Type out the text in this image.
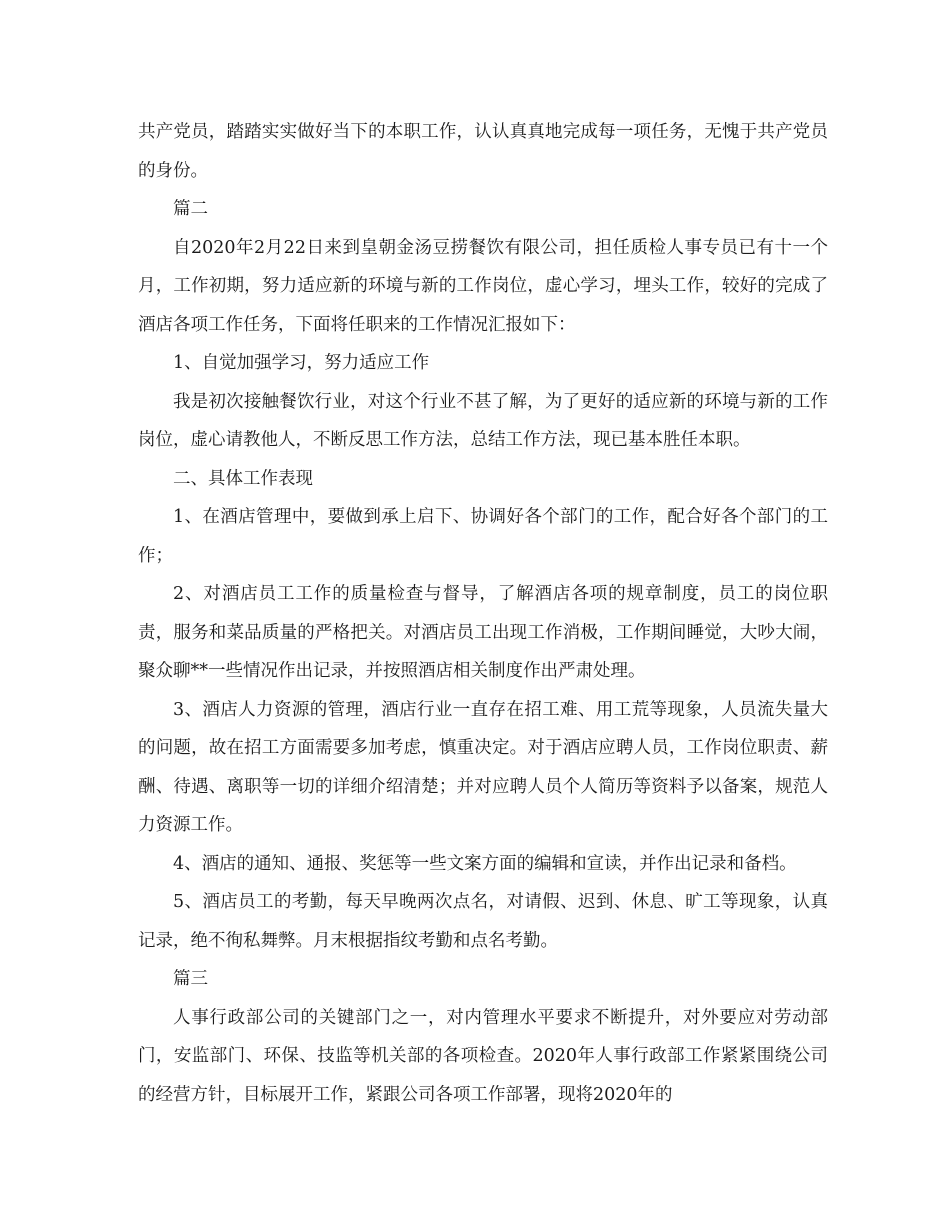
共产党员，踏踏实实做好当下的本职工作，认认真真地完成每一项任务，无愧于共产党员的身份。

篇二

自2020年2月22日来到皇朝金汤豆捞餐饮有限公司，担任质检人事专员已有十一个月，工作初期，努力适应新的环境与新的工作岗位，虚心学习，埋头工作，较好的完成了酒店各项工作任务，下面将任职来的工作情况汇报如下：

1、自觉加强学习，努力适应工作

我是初次接触餐饮行业，对这个行业不甚了解，为了更好的适应新的环境与新的工作岗位，虚心请教他人，不断反思工作方法，总结工作方法，现已基本胜任本职。

二、具体工作表现

1、在酒店管理中，要做到承上启下、协调好各个部门的工作，配合好各个部门的工作；

2、对酒店员工工作的质量检查与督导，了解酒店各项的规章制度，员工的岗位职责，服务和菜品质量的严格把关。对酒店员工出现工作消极，工作期间睡觉，大吵大闹，聚众聊**一些情况作出记录，并按照酒店相关制度作出严肃处理。

3、酒店人力资源的管理，酒店行业一直存在招工难、用工荒等现象，人员流失量大的问题，故在招工方面需要多加考虑，慎重决定。对于酒店应聘人员，工作岗位职责、薪酬、待遇、离职等一切的详细介绍清楚；并对应聘人员个人简历等资料予以备案，规范人力资源工作。

4、酒店的通知、通报、奖惩等一些文案方面的编辑和宣读，并作出记录和备档。

5、酒店员工的考勤，每天早晚两次点名，对请假、迟到、休息、旷工等现象，认真记录，绝不徇私舞弊。月末根据指纹考勤和点名考勤。

篇三

人事行政部公司的关键部门之一，对内管理水平要求不断提升，对外要应对劳动部门，安监部门、环保、技监等机关部的各项检查。2020年人事行政部工作紧紧围绕公司的经营方针，目标展开工作，紧跟公司各项工作部署，现将2020年的
